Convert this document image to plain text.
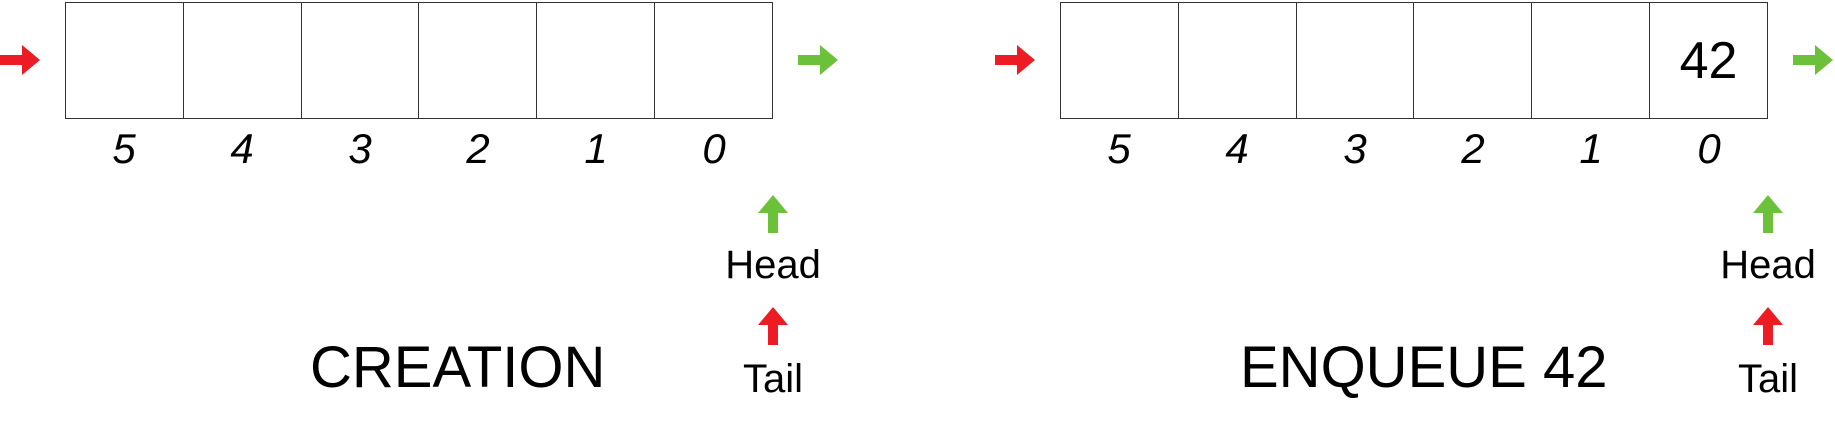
5	4	3	2	1	0
Head
Tail
CREATION
42
5	4	3	2	1	0
Head
Tail
ENQUEUE 42
